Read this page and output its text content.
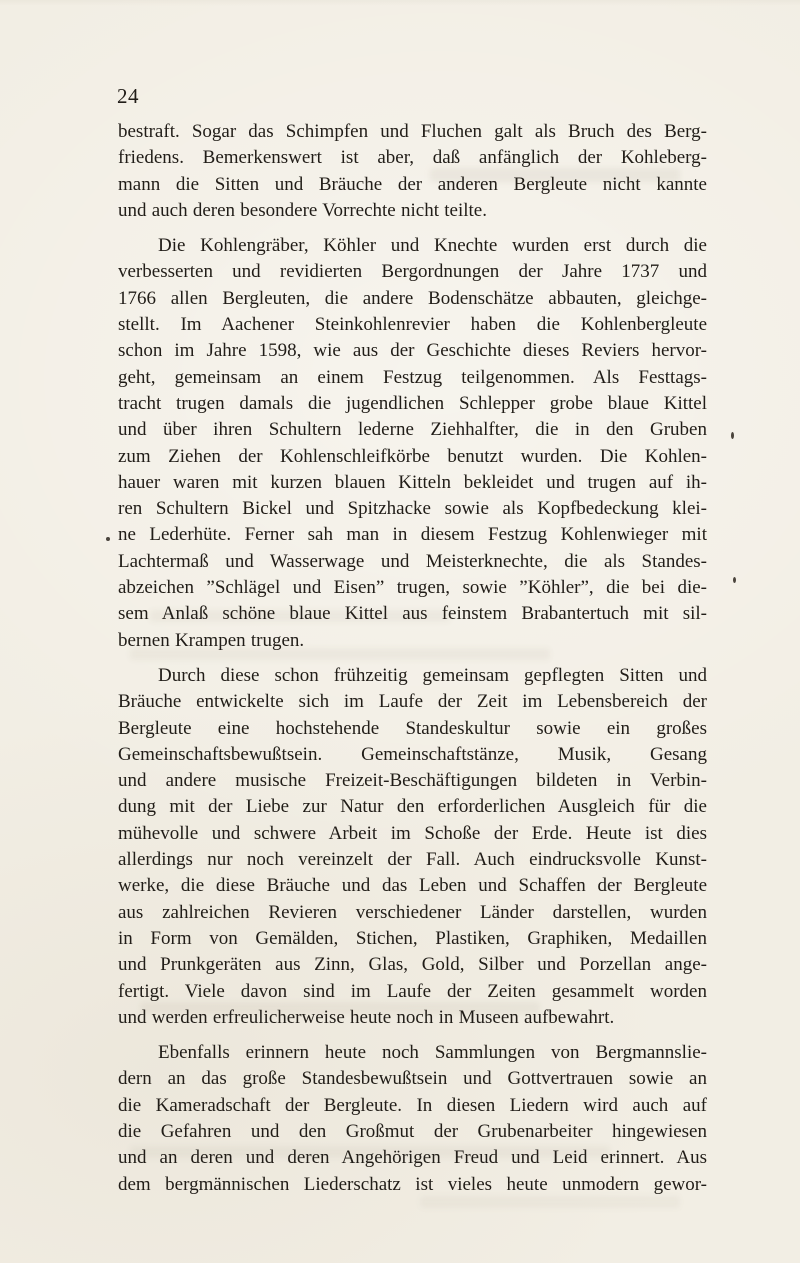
24
bestraft. Sogar das Schimpfen und Fluchen galt als Bruch des Berg-
friedens. Bemerkenswert ist aber, daß anfänglich der Kohleberg-
mann die Sitten und Bräuche der anderen Bergleute nicht kannte
und auch deren besondere Vorrechte nicht teilte.
Die Kohlengräber, Köhler und Knechte wurden erst durch die
verbesserten und revidierten Bergordnungen der Jahre 1737 und
1766 allen Bergleuten, die andere Bodenschätze abbauten, gleichge-
stellt. Im Aachener Steinkohlenrevier haben die Kohlenbergleute
schon im Jahre 1598, wie aus der Geschichte dieses Reviers hervor-
geht, gemeinsam an einem Festzug teilgenommen. Als Festtags-
tracht trugen damals die jugendlichen Schlepper grobe blaue Kittel
und über ihren Schultern lederne Ziehhalfter, die in den Gruben
zum Ziehen der Kohlenschleifkörbe benutzt wurden. Die Kohlen-
hauer waren mit kurzen blauen Kitteln bekleidet und trugen auf ih-
ren Schultern Bickel und Spitzhacke sowie als Kopfbedeckung klei-
ne Lederhüte. Ferner sah man in diesem Festzug Kohlenwieger mit
Lachtermaß und Wasserwage und Meisterknechte, die als Standes-
abzeichen ”Schlägel und Eisen” trugen, sowie ”Köhler”, die bei die-
sem Anlaß schöne blaue Kittel aus feinstem Brabantertuch mit sil-
bernen Krampen trugen.
Durch diese schon frühzeitig gemeinsam gepflegten Sitten und
Bräuche entwickelte sich im Laufe der Zeit im Lebensbereich der
Bergleute eine hochstehende Standeskultur sowie ein großes
Gemeinschaftsbewußtsein. Gemeinschaftstänze, Musik, Gesang
und andere musische Freizeit-Beschäftigungen bildeten in Verbin-
dung mit der Liebe zur Natur den erforderlichen Ausgleich für die
mühevolle und schwere Arbeit im Schoße der Erde. Heute ist dies
allerdings nur noch vereinzelt der Fall. Auch eindrucksvolle Kunst-
werke, die diese Bräuche und das Leben und Schaffen der Bergleute
aus zahlreichen Revieren verschiedener Länder darstellen, wurden
in Form von Gemälden, Stichen, Plastiken, Graphiken, Medaillen
und Prunkgeräten aus Zinn, Glas, Gold, Silber und Porzellan ange-
fertigt. Viele davon sind im Laufe der Zeiten gesammelt worden
und werden erfreulicherweise heute noch in Museen aufbewahrt.
Ebenfalls erinnern heute noch Sammlungen von Bergmannslie-
dern an das große Standesbewußtsein und Gottvertrauen sowie an
die Kameradschaft der Bergleute. In diesen Liedern wird auch auf
die Gefahren und den Großmut der Grubenarbeiter hingewiesen
und an deren und deren Angehörigen Freud und Leid erinnert. Aus
dem bergmännischen Liederschatz ist vieles heute unmodern gewor-
